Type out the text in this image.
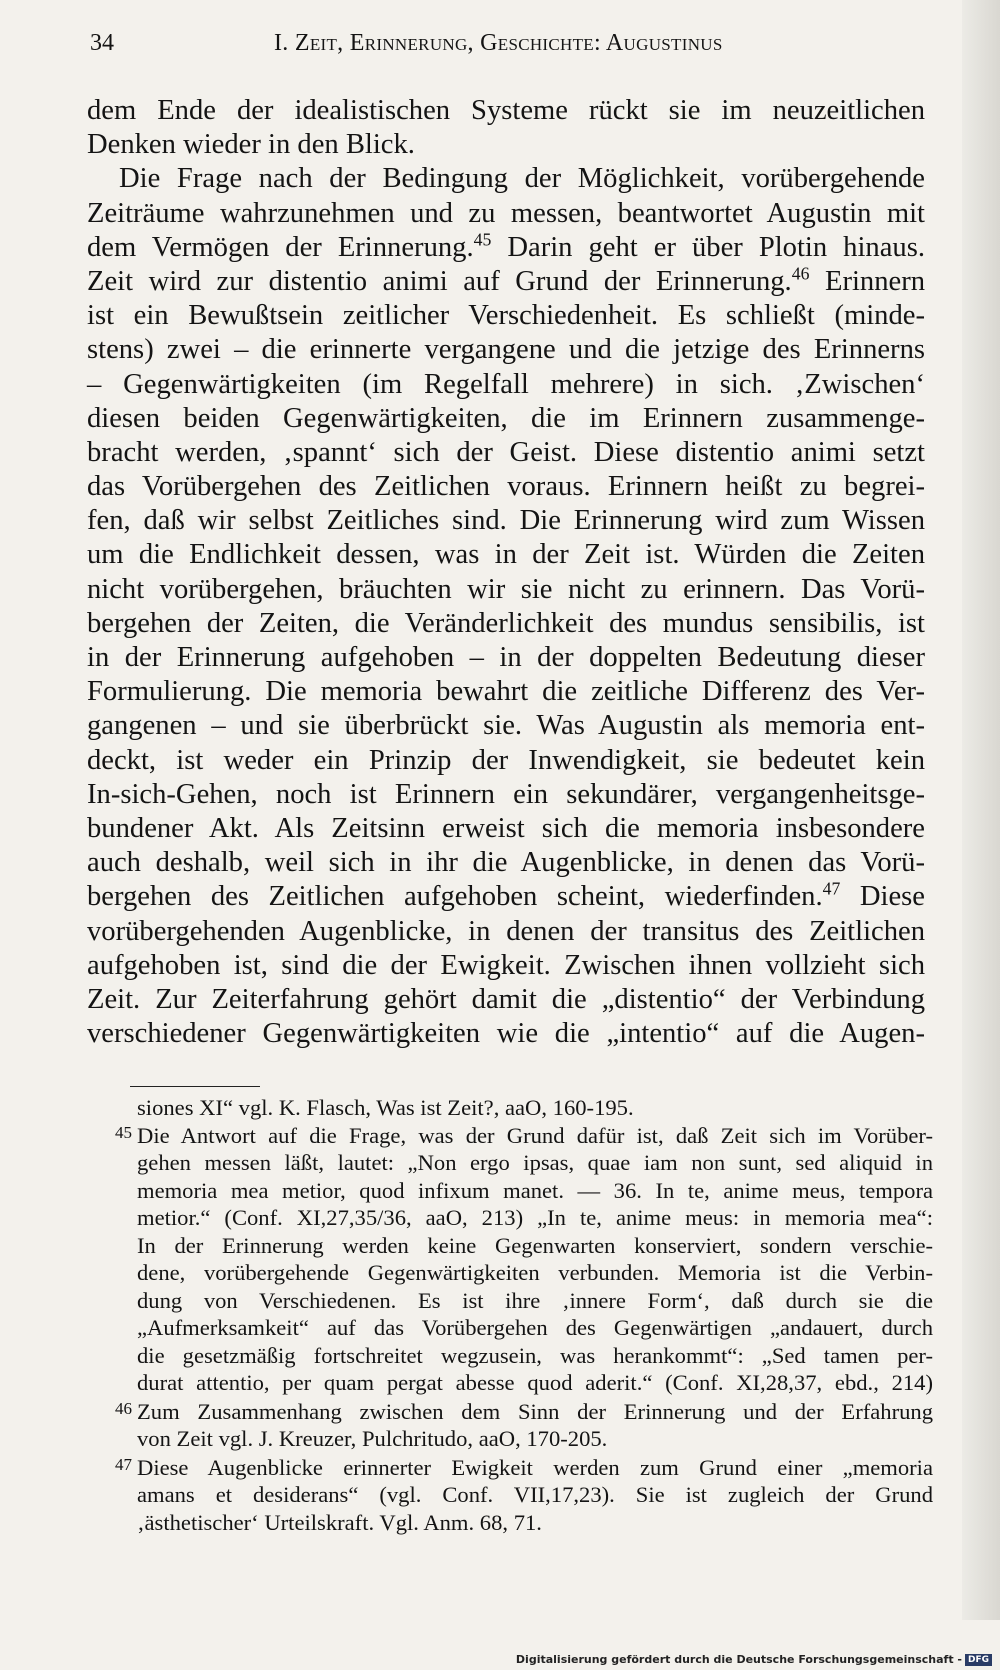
34	I. Zeit, Erinnerung, Geschichte: Augustinus
dem Ende der idealistischen Systeme rückt sie im neuzeitlichen
Denken wieder in den Blick.
Die Frage nach der Bedingung der Möglichkeit, vorübergehende
Zeiträume wahrzunehmen und zu messen, beantwortet Augustin mit
dem Vermögen der Erinnerung.$^{45}$ Darin geht er über Plotin hinaus.
Zeit wird zur distentio animi auf Grund der Erinnerung.$^{46}$ Erinnern
ist ein Bewußtsein zeitlicher Verschiedenheit. Es schließt (minde-
stens) zwei – die erinnerte vergangene und die jetzige des Erinnerns
– Gegenwärtigkeiten (im Regelfall mehrere) in sich. ‚Zwischen‘
diesen beiden Gegenwärtigkeiten, die im Erinnern zusammenge-
bracht werden, ‚spannt‘ sich der Geist. Diese distentio animi setzt
das Vorübergehen des Zeitlichen voraus. Erinnern heißt zu begrei-
fen, daß wir selbst Zeitliches sind. Die Erinnerung wird zum Wissen
um die Endlichkeit dessen, was in der Zeit ist. Würden die Zeiten
nicht vorübergehen, bräuchten wir sie nicht zu erinnern. Das Vorü-
bergehen der Zeiten, die Veränderlichkeit des mundus sensibilis, ist
in der Erinnerung aufgehoben – in der doppelten Bedeutung dieser
Formulierung. Die memoria bewahrt die zeitliche Differenz des Ver-
gangenen – und sie überbrückt sie. Was Augustin als memoria ent-
deckt, ist weder ein Prinzip der Inwendigkeit, sie bedeutet kein
In-sich-Gehen, noch ist Erinnern ein sekundärer, vergangenheitsge-
bundener Akt. Als Zeitsinn erweist sich die memoria insbesondere
auch deshalb, weil sich in ihr die Augenblicke, in denen das Vorü-
bergehen des Zeitlichen aufgehoben scheint, wiederfinden.$^{47}$ Diese
vorübergehenden Augenblicke, in denen der transitus des Zeitlichen
aufgehoben ist, sind die der Ewigkeit. Zwischen ihnen vollzieht sich
Zeit. Zur Zeiterfahrung gehört damit die „distentio“ der Verbindung
verschiedener Gegenwärtigkeiten wie die „intentio“ auf die Augen-
siones XI“ vgl. K. Flasch, Was ist Zeit?, aaO, 160-195.
45 Die Antwort auf die Frage, was der Grund dafür ist, daß Zeit sich im Vorüber-
gehen messen läßt, lautet: „Non ergo ipsas, quae iam non sunt, sed aliquid in
memoria mea metior, quod infixum manet. — 36. In te, anime meus, tempora
metior.“ (Conf. XI,27,35/36, aaO, 213) „In te, anime meus: in memoria mea“:
In der Erinnerung werden keine Gegenwarten konserviert, sondern verschie-
dene, vorübergehende Gegenwärtigkeiten verbunden. Memoria ist die Verbin-
dung von Verschiedenen. Es ist ihre ‚innere Form‘, daß durch sie die
„Aufmerksamkeit“ auf das Vorübergehen des Gegenwärtigen „andauert, durch
die gesetzmäßig fortschreitet wegzusein, was herankommt“: „Sed tamen per-
durat attentio, per quam pergat abesse quod aderit.“ (Conf. XI,28,37, ebd., 214)
46 Zum Zusammenhang zwischen dem Sinn der Erinnerung und der Erfahrung
von Zeit vgl. J. Kreuzer, Pulchritudo, aaO, 170-205.
47 Diese Augenblicke erinnerter Ewigkeit werden zum Grund einer „memoria
amans et desiderans“ (vgl. Conf. VII,17,23). Sie ist zugleich der Grund
‚ästhetischer‘ Urteilskraft. Vgl. Anm. 68, 71.
Digitalisierung gefördert durch die Deutsche Forschungsgemeinschaft - DFG
